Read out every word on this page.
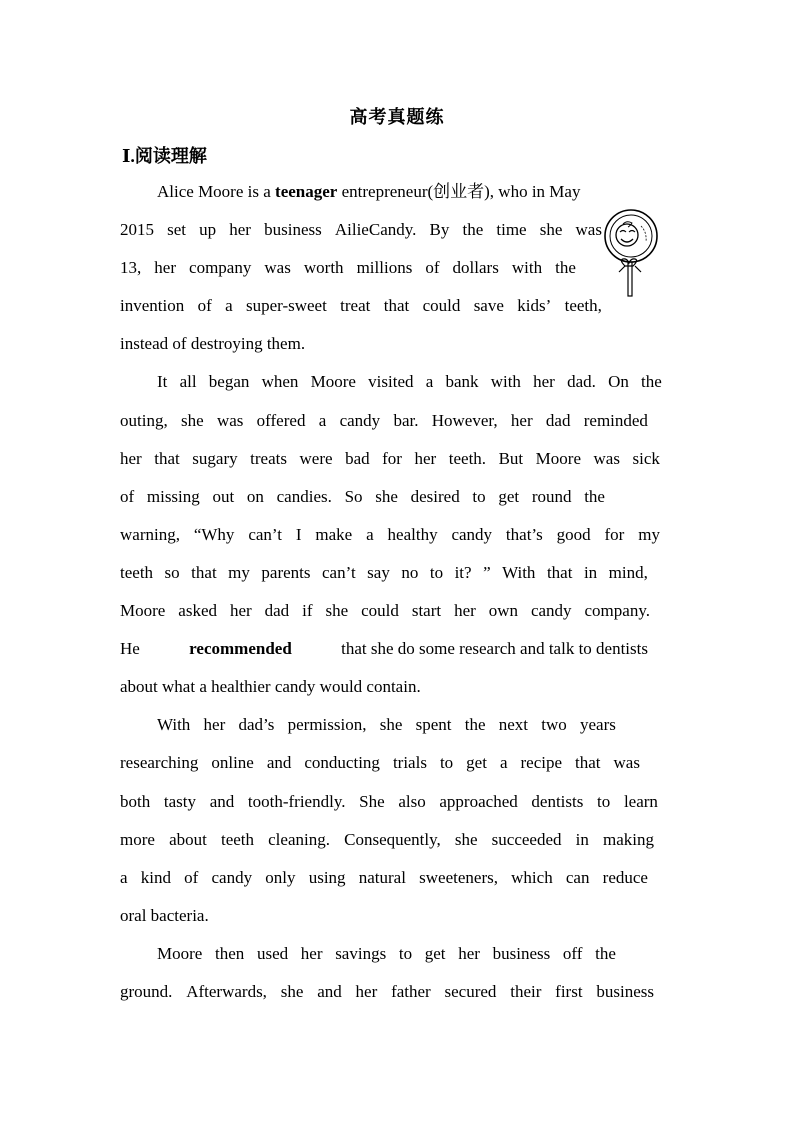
高考真题练
Ⅰ.阅读理解
Alice Moore is a teenager entrepreneur(创业者), who in May
2015 set up her business AilieCandy. By the time she was
13, her company was worth millions of dollars with the
invention of a super-sweet treat that could save kids’ teeth,
instead of destroying them.
It all began when Moore visited a bank with her dad. On the
outing, she was offered a candy bar. However, her dad reminded
her that sugary treats were bad for her teeth. But Moore was sick
of missing out on candies. So she desired to get round the
warning, “Why can’t I make a healthy candy that’s good for my
teeth so that my parents can’t say no to it? ” With that in mind,
Moore asked her dad if she could start her own candy company.
He	recommended	that she do some research and talk to dentists
about what a healthier candy would contain.
With her dad’s permission, she spent the next two years
researching online and conducting trials to get a recipe that was
both tasty and tooth-friendly. She also approached dentists to learn
more about teeth cleaning. Consequently, she succeeded in making
a kind of candy only using natural sweeteners, which can reduce
oral bacteria.
Moore then used her savings to get her business off the
ground. Afterwards, she and her father secured their first business
